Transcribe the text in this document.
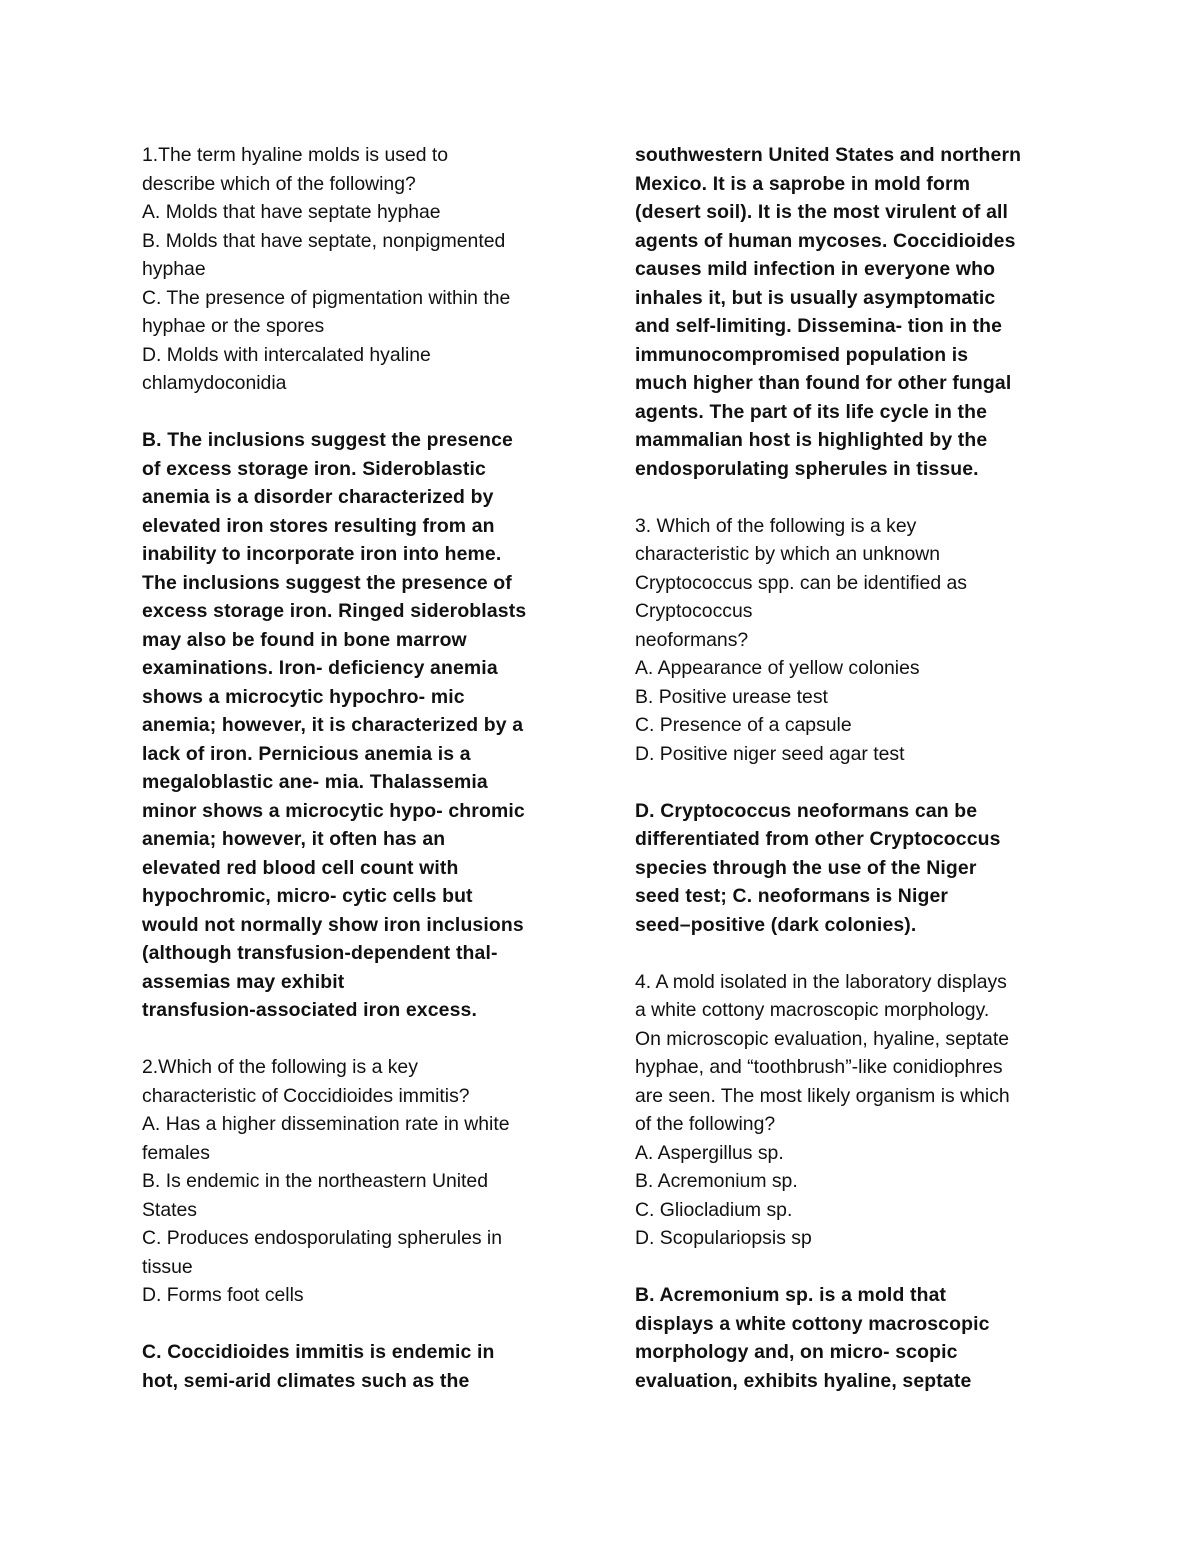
1.The term hyaline molds is used to
describe which of the following?
A. Molds that have septate hyphae
B. Molds that have septate, nonpigmented
hyphae
C. The presence of pigmentation within the
hyphae or the spores
D. Molds with intercalated hyaline
chlamydoconidia
B. The inclusions suggest the presence
of excess storage iron. Sideroblastic
anemia is a disorder characterized by
elevated iron stores resulting from an
inability to incorporate iron into heme.
The inclusions suggest the presence of
excess storage iron. Ringed sideroblasts
may also be found in bone marrow
examinations. Iron- deficiency anemia
shows a microcytic hypochro- mic
anemia; however, it is characterized by a
lack of iron. Pernicious anemia is a
megaloblastic ane- mia. Thalassemia
minor shows a microcytic hypo- chromic
anemia; however, it often has an
elevated red blood cell count with
hypochromic, micro- cytic cells but
would not normally show iron inclusions
(although transfusion-dependent thal-
assemias may exhibit
transfusion-associated iron excess.
2.Which of the following is a key
characteristic of Coccidioides immitis?
A. Has a higher dissemination rate in white
females
B. Is endemic in the northeastern United
States
C. Produces endosporulating spherules in
tissue
D. Forms foot cells
C. Coccidioides immitis is endemic in
hot, semi-arid climates such as the
southwestern United States and northern
Mexico. It is a saprobe in mold form
(desert soil). It is the most virulent of all
agents of human mycoses. Coccidioides
causes mild infection in everyone who
inhales it, but is usually asymptomatic
and self-limiting. Dissemina- tion in the
immunocompromised population is
much higher than found for other fungal
agents. The part of its life cycle in the
mammalian host is highlighted by the
endosporulating spherules in tissue.
3. Which of the following is a key
characteristic by which an unknown
Cryptococcus spp. can be identified as
Cryptococcus
neoformans?
A. Appearance of yellow colonies
B. Positive urease test
C. Presence of a capsule
D. Positive niger seed agar test
D. Cryptococcus neoformans can be
differentiated from other Cryptococcus
species through the use of the Niger
seed test; C. neoformans is Niger
seed–positive (dark colonies).
4. A mold isolated in the laboratory displays
a white cottony macroscopic morphology.
On microscopic evaluation, hyaline, septate
hyphae, and “toothbrush”-like conidiophres
are seen. The most likely organism is which
of the following?
A. Aspergillus sp.
B. Acremonium sp.
C. Gliocladium sp.
D. Scopulariopsis sp
B. Acremonium sp. is a mold that
displays a white cottony macroscopic
morphology and, on micro- scopic
evaluation, exhibits hyaline, septate
